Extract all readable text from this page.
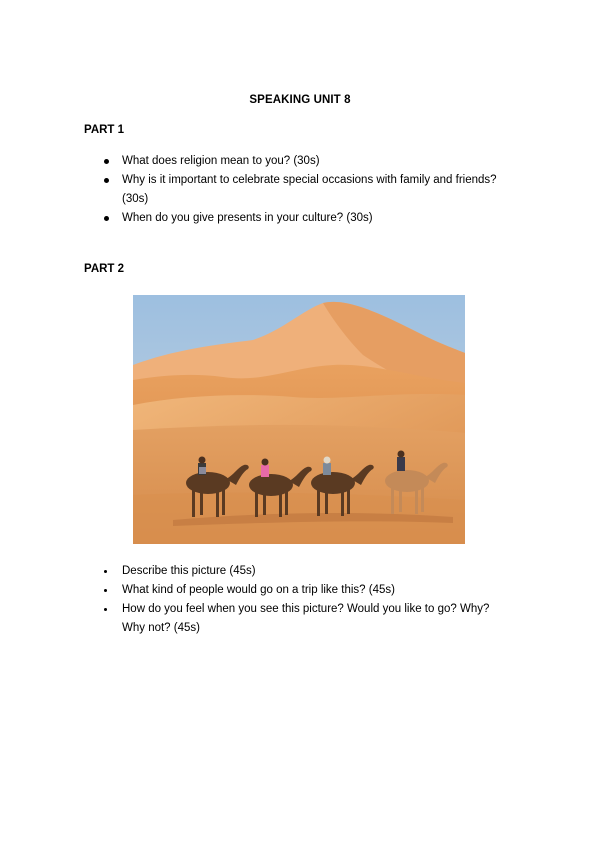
SPEAKING UNIT 8
PART 1
What does religion mean to you? (30s)
Why is it important to celebrate special occasions with family and friends? (30s)
When do you give presents in your culture? (30s)
PART 2
Describe this picture (45s)
What kind of people would go on a trip like this? (45s)
How do you feel when you see this picture? Would you like to go? Why? Why not? (45s)
